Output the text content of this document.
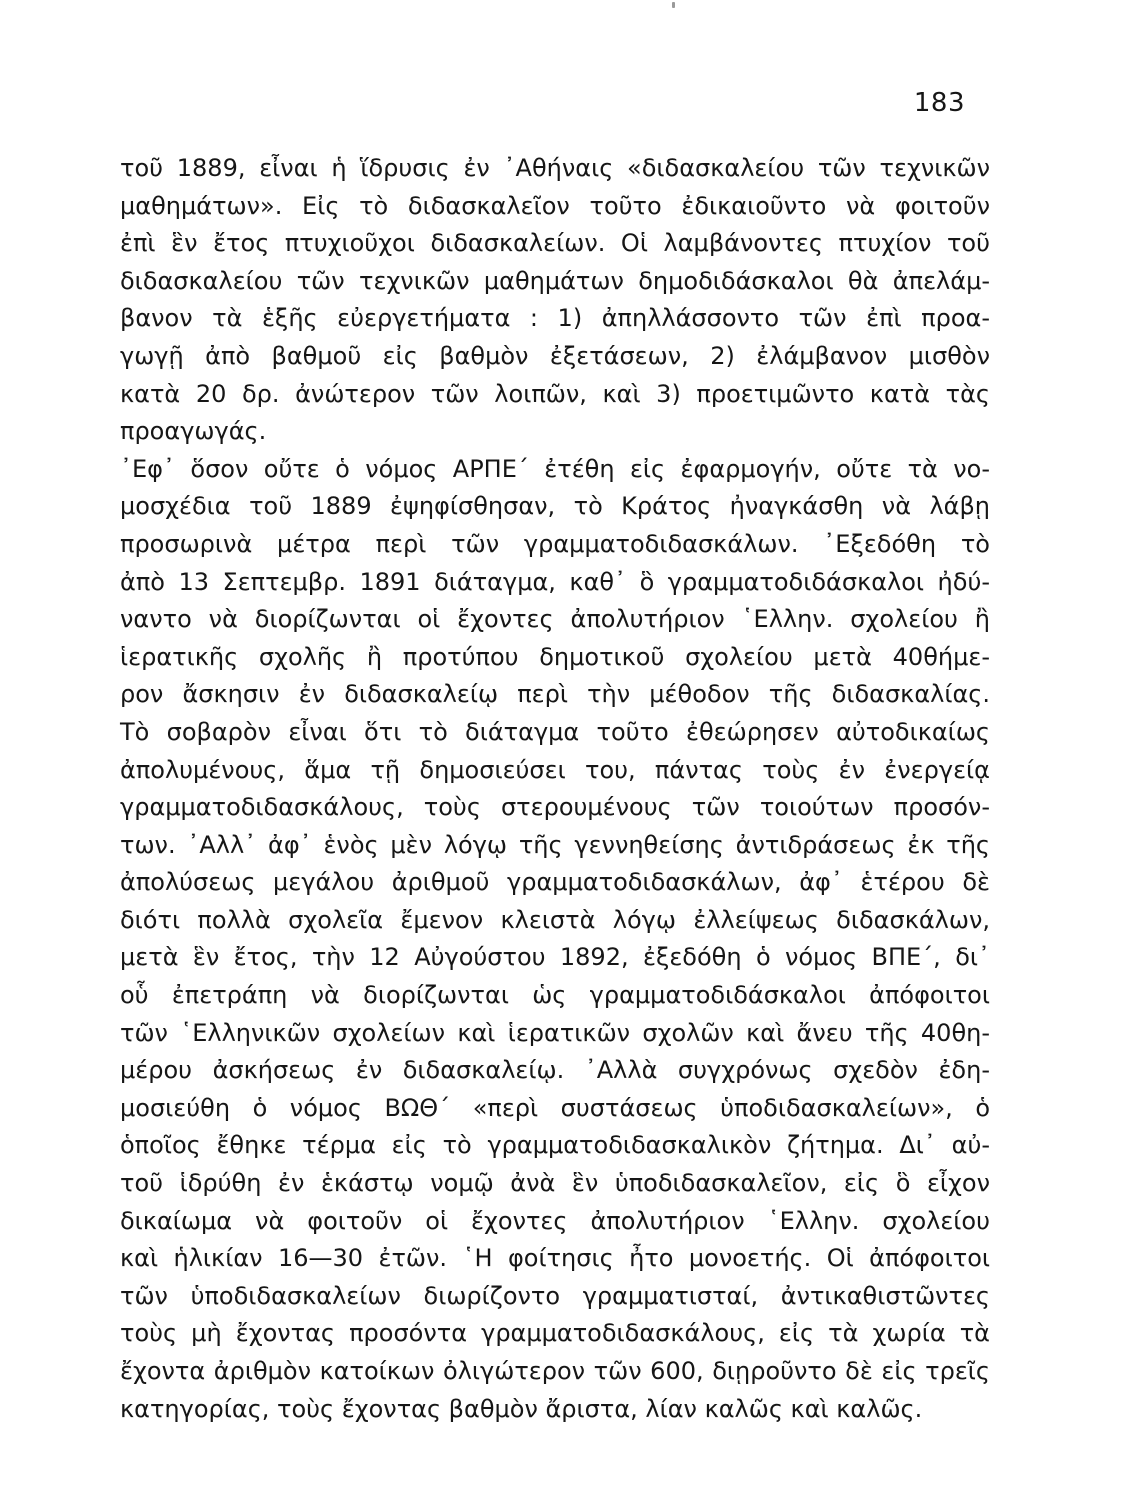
183
τοῦ 1889, εἶναι ἡ ἵδρυσις ἐν ᾿Αθήναις «διδασκαλείου τῶν τεχνικῶν
μαθημάτων». Εἰς τὸ διδασκαλεῖον τοῦτο ἐδικαιοῦντο νὰ φοιτοῦν
ἐπὶ ἓν ἔτος πτυχιοῦχοι διδασκαλείων. Οἱ λαμβάνοντες πτυχίον τοῦ
διδασκαλείου τῶν τεχνικῶν μαθημάτων δημοδιδάσκαλοι θὰ ἀπελάμ-
βανον τὰ ἑξῆς εὐεργετήματα : 1) ἀπηλλάσσοντο τῶν ἐπὶ προα-
γωγῇ ἀπὸ βαθμοῦ εἰς βαθμὸν ἐξετάσεων, 2) ἐλάμβανον μισθὸν
κατὰ 20 δρ. ἀνώτερον τῶν λοιπῶν, καὶ 3) προετιμῶντο κατὰ τὰς
προαγωγάς.
᾿Εφ᾿ ὅσον οὔτε ὁ νόμος ΑΡΠΕ΄ ἐτέθη εἰς ἐφαρμογήν, οὔτε τὰ νο-
μοσχέδια τοῦ 1889 ἐψηφίσθησαν, τὸ Κράτος ἠναγκάσθη νὰ λάβῃ
προσωρινὰ μέτρα περὶ τῶν γραμματοδιδασκάλων. ᾿Εξεδόθη τὸ
ἀπὸ 13 Σεπτεμβρ. 1891 διάταγμα, καθ᾿ ὃ γραμματοδιδάσκαλοι ἠδύ-
ναντο νὰ διορίζωνται οἱ ἔχοντες ἀπολυτήριον ῾Ελλην. σχολείου ἢ
ἱερατικῆς σχολῆς ἢ προτύπου δημοτικοῦ σχολείου μετὰ 40θήμε-
ρον ἄσκησιν ἐν διδασκαλείῳ περὶ τὴν μέθοδον τῆς διδασκαλίας.
Τὸ σοβαρὸν εἶναι ὅτι τὸ διάταγμα τοῦτο ἐθεώρησεν αὐτοδικαίως
ἀπολυμένους, ἅμα τῇ δημοσιεύσει του, πάντας τοὺς ἐν ἐνεργείᾳ
γραμματοδιδασκάλους, τοὺς στερουμένους τῶν τοιούτων προσόν-
των. ᾿Αλλ᾿ ἀφ᾿ ἑνὸς μὲν λόγῳ τῆς γεννηθείσης ἀντιδράσεως ἐκ τῆς
ἀπολύσεως μεγάλου ἀριθμοῦ γραμματοδιδασκάλων, ἀφ᾿ ἑτέρου δὲ
διότι πολλὰ σχολεῖα ἔμενον κλειστὰ λόγῳ ἐλλείψεως διδασκάλων,
μετὰ ἓν ἔτος, τὴν 12 Αὐγούστου 1892, ἐξεδόθη ὁ νόμος ΒΠΕ΄, δι᾿
οὗ ἐπετράπη νὰ διορίζωνται ὡς γραμματοδιδάσκαλοι ἀπόφοιτοι
τῶν ῾Ελληνικῶν σχολείων καὶ ἱερατικῶν σχολῶν καὶ ἄνευ τῆς 40θη-
μέρου ἀσκήσεως ἐν διδασκαλείῳ. ᾿Αλλὰ συγχρόνως σχεδὸν ἐδη-
μοσιεύθη ὁ νόμος ΒΩΘ΄ «περὶ συστάσεως ὑποδιδασκαλείων», ὁ
ὁποῖος ἔθηκε τέρμα εἰς τὸ γραμματοδιδασκαλικὸν ζήτημα. Δι᾿ αὐ-
τοῦ ἱδρύθη ἐν ἑκάστῳ νομῷ ἀνὰ ἓν ὑποδιδασκαλεῖον, εἰς ὃ εἶχον
δικαίωμα νὰ φοιτοῦν οἱ ἔχοντες ἀπολυτήριον ῾Ελλην. σχολείου
καὶ ἡλικίαν 16—30 ἐτῶν. ῾Η φοίτησις ἦτο μονοετής. Οἱ ἀπόφοιτοι
τῶν ὑποδιδασκαλείων διωρίζοντο γραμματισταί, ἀντικαθιστῶντες
τοὺς μὴ ἔχοντας προσόντα γραμματοδιδασκάλους, εἰς τὰ χωρία τὰ
ἔχοντα ἀριθμὸν κατοίκων ὀλιγώτερον τῶν 600, διῃροῦντο δὲ εἰς τρεῖς
κατηγορίας, τοὺς ἔχοντας βαθμὸν ἄριστα, λίαν καλῶς καὶ καλῶς.
